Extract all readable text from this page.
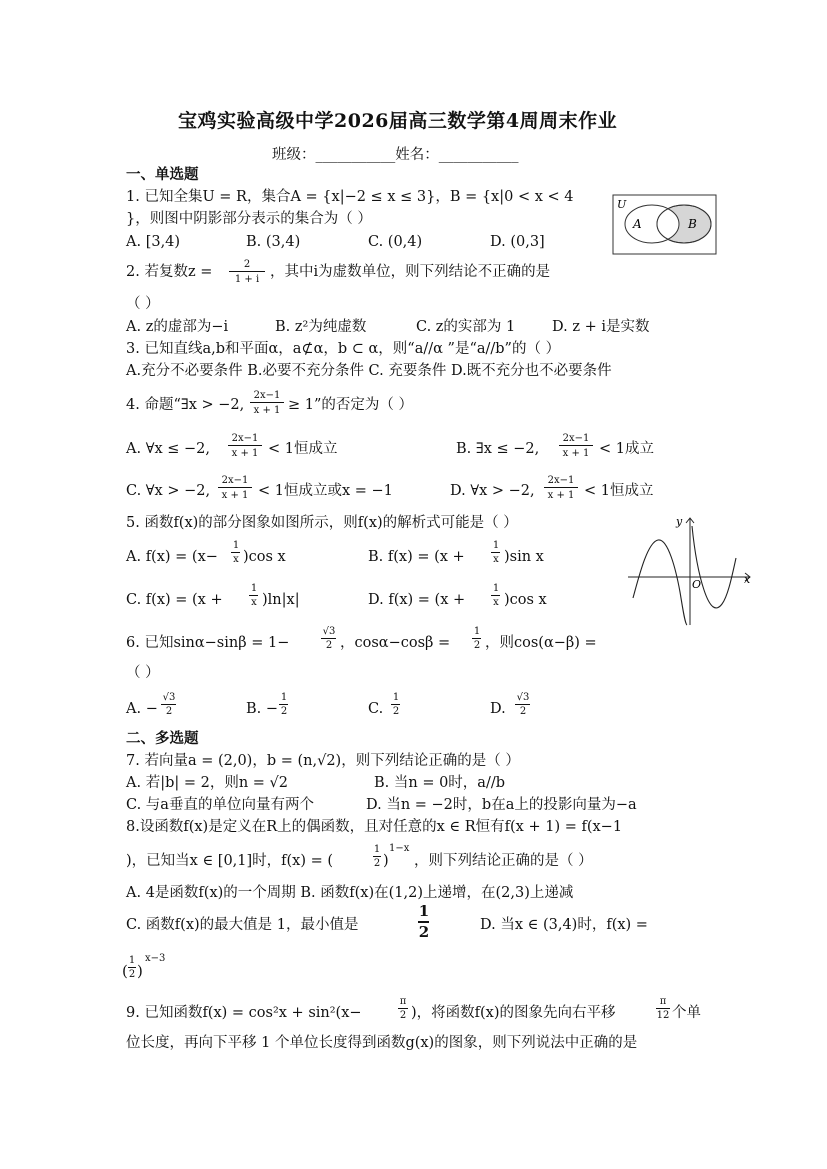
宝鸡实验高级中学2026届高三数学第4周周末作业
班级：___________姓名：___________
一、单选题
1. 已知全集U = R，集合A = {x|−2 ≤ x ≤ 3}，B = {x|0 < x < 4
}，则图中阴影部分表示的集合为（ ）
A. [3,4)	B. (3,4)	C. (0,4)	D. (0,3]
U
A	B
2. 若复数z =	2
1 + i ，其中i为虚数单位，则下列结论不正确的是
（ ）
A. z的虚部为−i	B. z²为纯虚数	C. z的实部为 1	D. z + i是实数
3. 已知直线a,b和平面α，a⊄α，b ⊂ α，则“a//α ”是“a//b”的（ ）
A.充分不必要条件 B.必要不充分条件 C. 充要条件 D.既不充分也不必要条件
4. 命题“∃x > −2,
2x−1
x + 1 ≥ 1”的否定为（ ）
A. ∀x ≤ −2,
2x−1
x + 1 < 1恒成立	B. ∃x ≤ −2,
2x−1
x + 1 < 1成立
C. ∀x > −2,
2x−1
x + 1 < 1恒成立或x = −1	D. ∀x > −2,
2x−1
x + 1 < 1恒成立
5. 函数f(x)的部分图象如图所示，则f(x)的解析式可能是（ ）
A. f(x) = (x−
1
x )cos x	B. f(x) = (x +
1
x )sin x
C. f(x) = (x +
1
x )ln|x|	D. f(x) = (x +
1
x )cos x
y
x
O
6. 已知sinα−sinβ = 1−
√3
2 ，cosα−cosβ =
1
2 ，则cos(α−β) =
（ ）
A. −
√3
2	B. −
1
2	C.
1
2	D.
√3
2
二、多选题
7. 若向量a = (2,0)，b = (n,√2)，则下列结论正确的是（ ）
A. 若|b| = 2，则n = √2	B. 当n = 0时，a//b
C. 与a垂直的单位向量有两个	D. 当n = −2时，b在a上的投影向量为−a
8.设函数f(x)是定义在R上的偶函数，且对任意的x ∈ R恒有f(x + 1) = f(x−1
)，已知当x ∈ [0,1]时，f(x) = (
1
2 )
1−x
，则下列结论正确的是（ ）
A. 4是函数f(x)的一个周期 B. 函数f(x)在(1,2)上递增，在(2,3)上递减
C. 函数f(x)的最大值是 1，最小值是
1
2	D. 当x ∈ (3,4)时，f(x) =
(
1
2 )
x−3
9. 已知函数f(x) = cos²x + sin²(x−
π
2 )，将函数f(x)的图象先向右平移
π
12 个单
位长度，再向下平移 1 个单位长度得到函数g(x)的图象，则下列说法中正确的是
